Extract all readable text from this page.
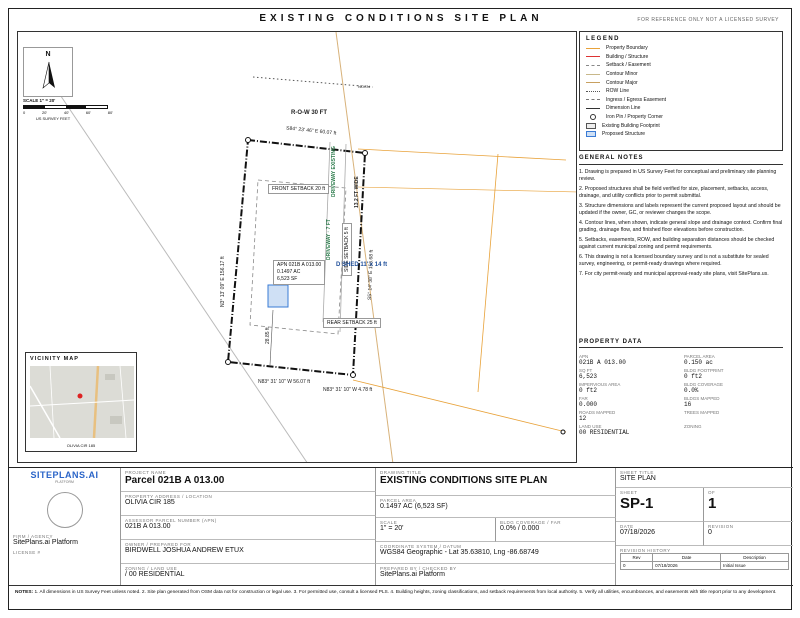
EXISTING CONDITIONS SITE PLAN	FOR REFERENCE ONLY NOT A LICENSED SURVEY
NOCN
R-O-W 30 FT
S84° 23' 46" E 60.07 ft
N3° 13' 09" E 156.17 ft	S5° 14' 38" E 156.68 ft
N83° 31' 10" W 56.07 ft
N83° 31' 10" W 4.78 ft
FRONT SETBACK 20 ft
REAR SETBACK 25 ft
SIDE SETBACK 5 ft
DRIVEWAY · 7 FT
DRIVEWAY EXISTING	13.2 FT WIDE
D SHED 11' x 14 ft
APN 021B A 013.00
0.1497 AC
6,523 SF
28.85 ft
N
SCALE 1" = 20'
0	20'	40'	60'	80'
US SURVEY FEET
VICINITY MAP
OLIVIA CIR 185
LEGEND
Property Boundary
Building / Structure
Setback / Easement
Contour Minor
Contour Major
ROW Line
Ingress / Egress Easement
Dimension Line
Iron Pin / Property Corner
Existing Building Footprint
Proposed Structure
GENERAL NOTES

1. Drawing is prepared in US Survey Feet for conceptual and preliminary site planning review.

2. Proposed structures shall be field verified for size, placement, setbacks, access, drainage, and utility conflicts prior to permit submittal.

3. Structure dimensions and labels represent the current proposed layout and should be updated if the owner, GC, or reviewer changes the scope.

4. Contour lines, when shown, indicate general slope and drainage context. Confirm final grading, drainage flow, and finished floor elevations before construction.

5. Setbacks, easements, ROW, and building separation distances should be checked against current municipal zoning and permit requirements.

6. This drawing is not a licensed boundary survey and is not a substitute for sealed survey, engineering, or permit-ready drawings where required.

7. For city permit-ready and municipal approval-ready site plans, visit SitePlans.us.

PROPERTY DATA
APN
021B A 013.00
PARCEL AREA
0.150 ac
SQ FT
6,523
BLDG FOOTPRINT
0 ft2
IMPERVIOUS AREA
0 ft2
BLDG COVERAGE
0.0%
FAR
0.000
BLDGS MAPPED
16
ROADS MAPPED
12
TREES MAPPED
LAND USE
00 RESIDENTIAL
ZONING
SITEPLANS.AI
PLATFORM
FIRM / AGENCY
SitePlans.ai Platform
LICENSE #
PROJECT NAME
Parcel 021B A 013.00
PROPERTY ADDRESS / LOCATION
OLIVIA CIR 185
ASSESSOR PARCEL NUMBER (APN)
021B A 013.00
OWNER / PREPARED FOR
BIRDWELL JOSHUA ANDREW ETUX
ZONING / LAND USE
/ 00 RESIDENTIAL
DRAWING TITLE
EXISTING CONDITIONS SITE PLAN
PARCEL AREA
0.1497 AC (6,523 SF)
SCALE
1" = 20'
BLDG COVERAGE / FAR
0.0% / 0.000
COORDINATE SYSTEM / DATUM
WGS84 Geographic - Lat 35.63810, Lng -86.68749
PREPARED BY / CHECKED BY
SitePlans.ai Platform
SHEET TITLE
SITE PLAN
SHEET
SP-1
OF
1
DATE
07/18/2026
REVISION
0
REVISION HISTORY
Rev	Date	Description
0	07/18/2026	Initial Issue
NOTES: 1. All dimensions in US Survey Feet unless noted. 2. Site plan generated from OSM data not for construction or legal use. 3. For permitted use, consult a licensed PLS. 4. Building heights, zoning classifications, and setback requirements from local authority. 5. Verify all utilities, encumbrances, and easements with title report prior to any development.
